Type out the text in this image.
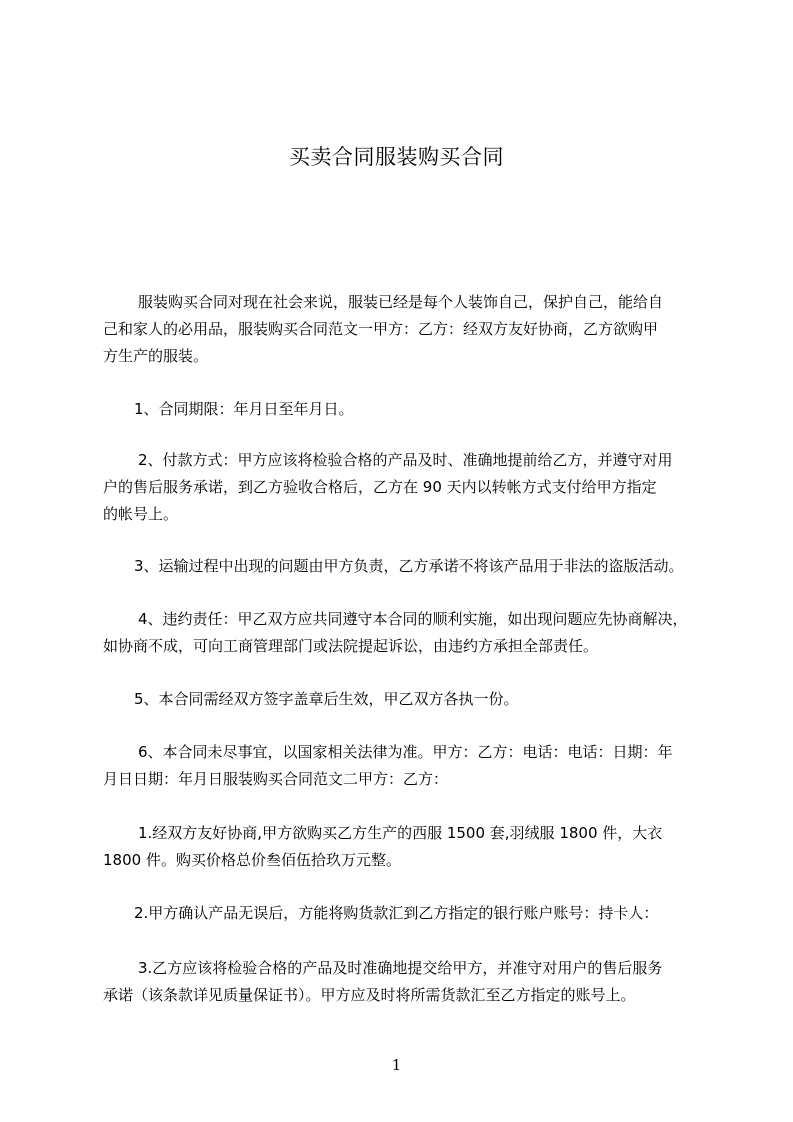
买卖合同服装购买合同
服装购买合同对现在社会来说，服装已经是每个人装饰自己，保护自己，能给自
己和家人的必用品，服装购买合同范文一甲方：乙方：经双方友好协商，乙方欲购甲
方生产的服装。
1、合同期限：年月日至年月日。
2、付款方式：甲方应该将检验合格的产品及时、准确地提前给乙方，并遵守对用
户的售后服务承诺，到乙方验收合格后，乙方在 90 天内以转帐方式支付给甲方指定
的帐号上。
3、运输过程中出现的问题由甲方负责，乙方承诺不将该产品用于非法的盗版活动。
4、违约责任：甲乙双方应共同遵守本合同的顺利实施，如出现问题应先协商解决，
如协商不成，可向工商管理部门或法院提起诉讼，由违约方承担全部责任。
5、本合同需经双方签字盖章后生效，甲乙双方各执一份。
6、本合同未尽事宜，以国家相关法律为准。甲方：乙方：电话：电话：日期：年
月日日期：年月日服装购买合同范文二甲方：乙方：
1.经双方友好协商,甲方欲购买乙方生产的西服 1500 套,羽绒服 1800 件，大衣
1800 件。购买价格总价叁佰伍拾玖万元整。
2.甲方确认产品无误后，方能将购货款汇到乙方指定的银行账户账号：持卡人：
3.乙方应该将检验合格的产品及时准确地提交给甲方，并准守对用户的售后服务
承诺（该条款详见质量保证书）。甲方应及时将所需货款汇至乙方指定的账号上。
1
